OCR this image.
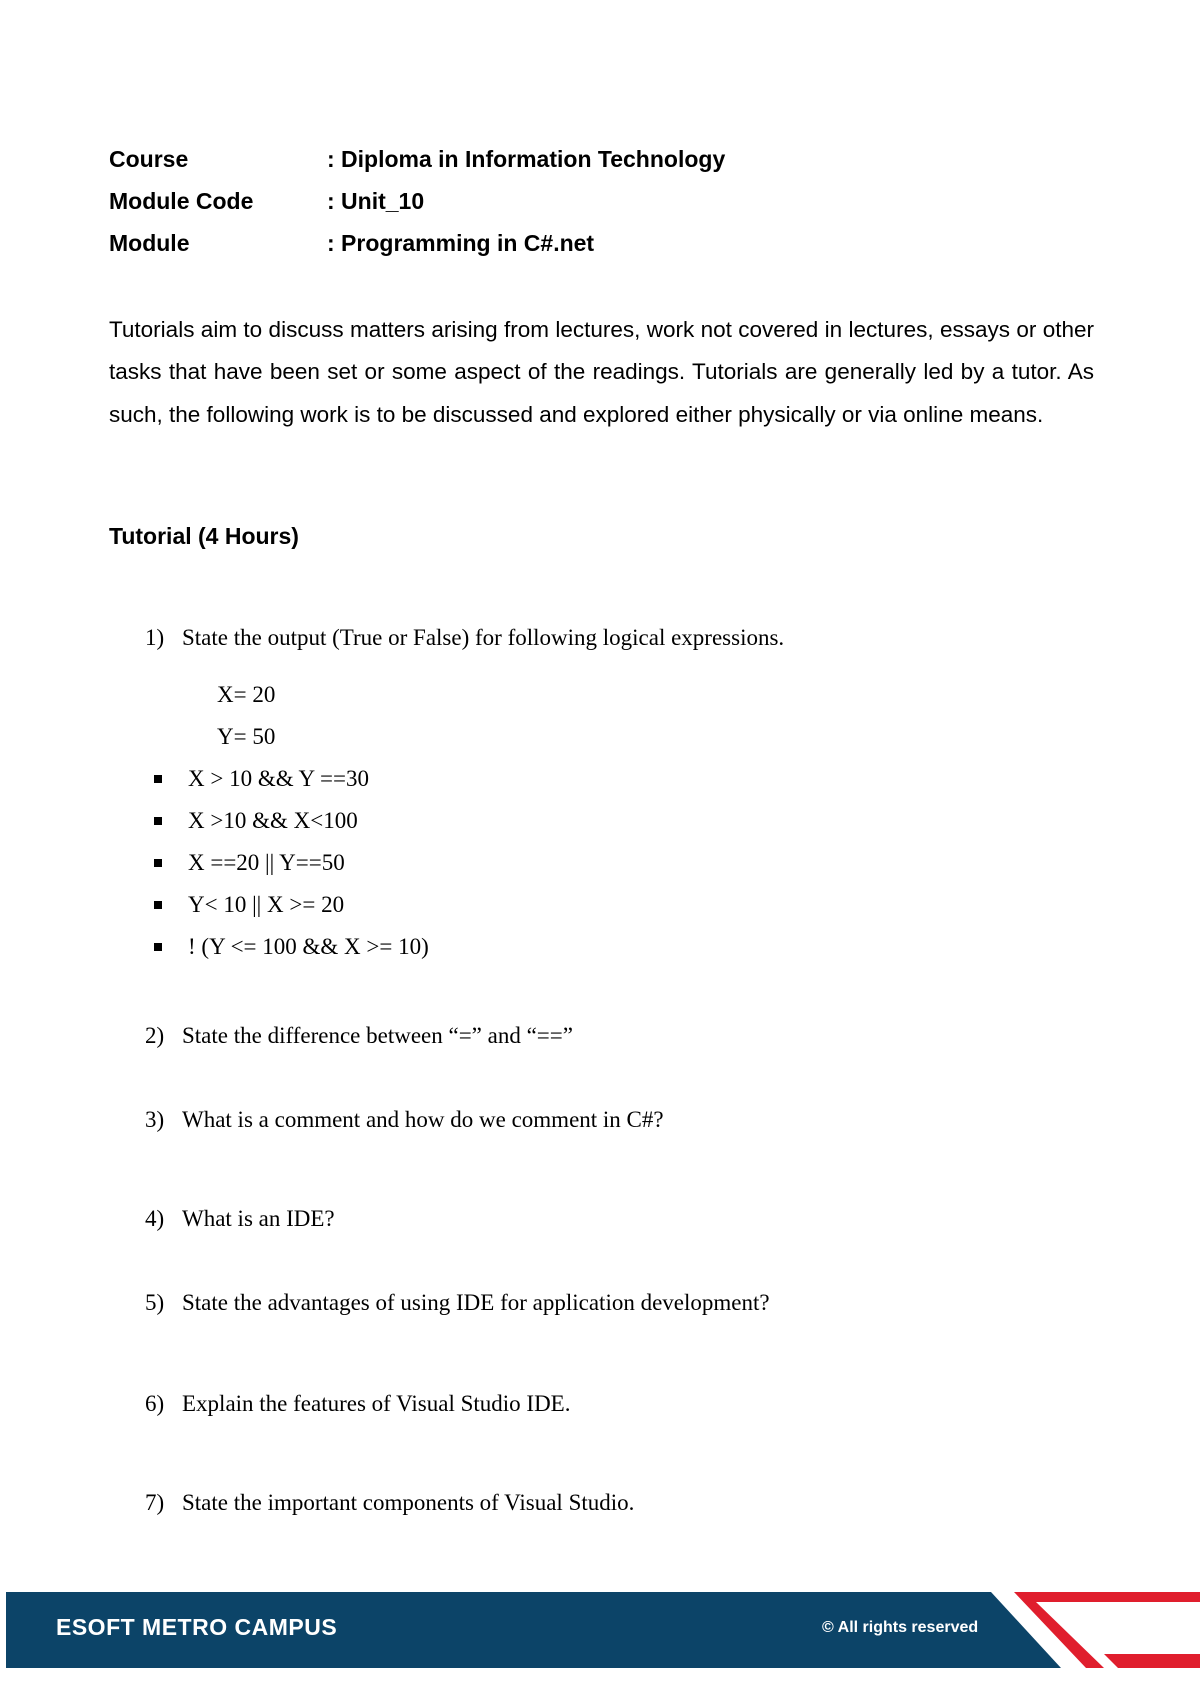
Course	: Diploma in Information Technology
Module Code	: Unit_10
Module	: Programming in C#.net

Tutorials aim to discuss matters arising from lectures, work not covered in lectures, essays or other tasks that have been set or some aspect of the readings. Tutorials are generally led by a tutor. As such, the following work is to be discussed and explored either physically or via online means.

Tutorial (4 Hours)
1) State the output (True or False) for following logical expressions.
X= 20
Y= 50
X > 10 && Y ==30
X >10 && X<100
X ==20 || Y==50
Y< 10 || X >= 20
! (Y <= 100 && X >= 10)
2) State the difference between “=” and “==”
3) What is a comment and how do we comment in C#?
4) What is an IDE?
5) State the advantages of using IDE for application development?
6) Explain the features of Visual Studio IDE.
7) State the important components of Visual Studio.
ESOFT METRO CAMPUS	© All rights reserved
